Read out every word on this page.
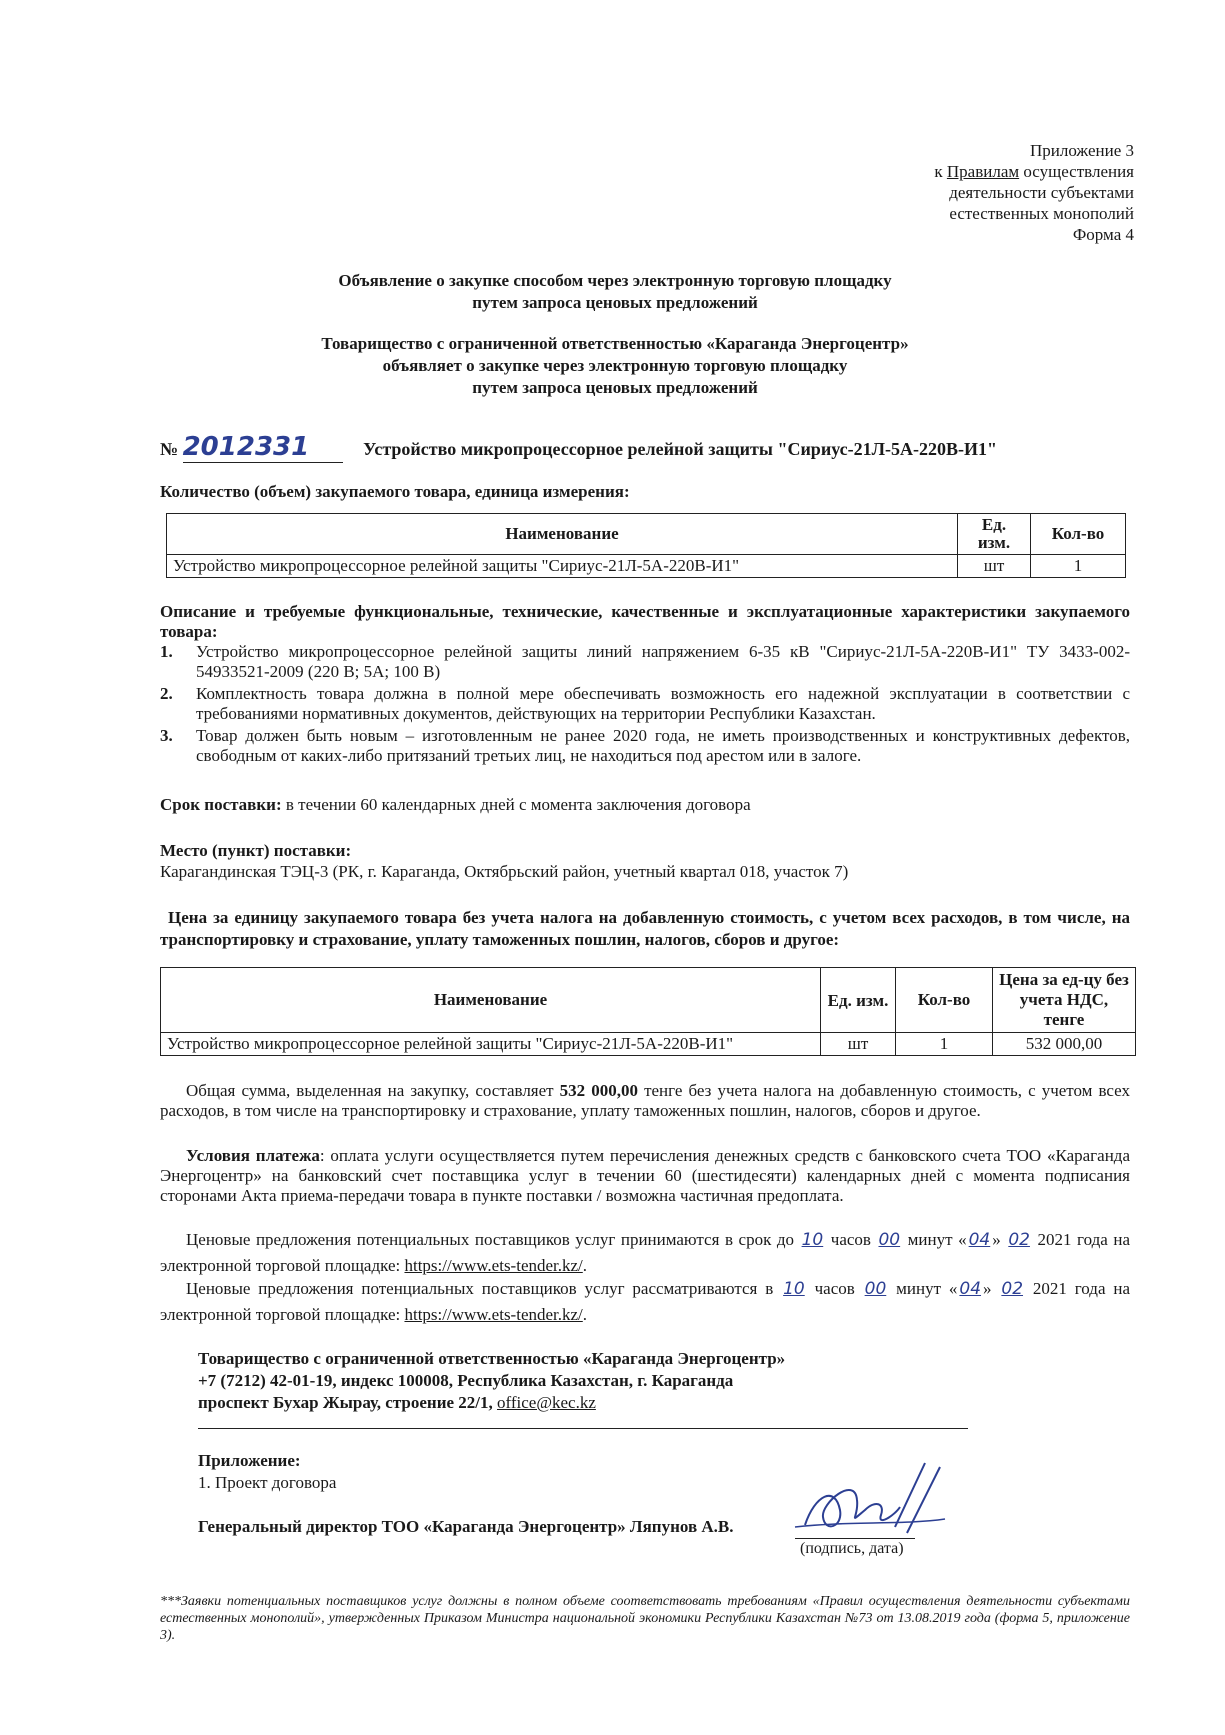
Приложение 3
к Правилам осуществления
деятельности субъектами
естественных монополий
Форма 4
Объявление о закупке способом через электронную торговую площадку
путем запроса ценовых предложений
Товарищество с ограниченной ответственностью «Караганда Энергоцентр»
объявляет о закупке через электронную торговую площадку
путем запроса ценовых предложений
№ 2012331	Устройство микропроцессорное релейной защиты "Сириус-21Л-5А-220В-И1"
Количество (объем) закупаемого товара, единица измерения:
Наименование	Ед. изм.	Кол-во
Устройство микропроцессорное релейной защиты "Сириус-21Л-5А-220В-И1"	шт	1
Описание и требуемые функциональные, технические, качественные и эксплуатационные характеристики закупаемого товара:
1. Устройство микропроцессорное релейной защиты линий напряжением 6-35 кВ "Сириус-21Л-5А-220В-И1" ТУ 3433-002-54933521-2009 (220 В; 5А; 100 В)
2. Комплектность товара должна в полной мере обеспечивать возможность его надежной эксплуатации в соответствии с требованиями нормативных документов, действующих на территории Республики Казахстан.
3. Товар должен быть новым – изготовленным не ранее 2020 года, не иметь производственных и конструктивных дефектов, свободным от каких-либо притязаний третьих лиц, не находиться под арестом или в залоге.
Срок поставки: в течении 60 календарных дней с момента заключения договора
Место (пункт) поставки:
Карагандинская ТЭЦ-3 (РК, г. Караганда, Октябрьский район, учетный квартал 018, участок 7)
Цена за единицу закупаемого товара без учета налога на добавленную стоимость, с учетом всех расходов, в том числе, на транспортировку и страхование, уплату таможенных пошлин, налогов, сборов и другое:
Наименование	Ед. изм.	Кол-во	Цена за ед-цу без учета НДС, тенге
Устройство микропроцессорное релейной защиты "Сириус-21Л-5А-220В-И1"	шт	1	532 000,00
Общая сумма, выделенная на закупку, составляет 532 000,00 тенге без учета налога на добавленную стоимость, с учетом всех расходов, в том числе на транспортировку и страхование, уплату таможенных пошлин, налогов, сборов и другое.
Условия платежа: оплата услуги осуществляется путем перечисления денежных средств с банковского счета ТОО «Караганда Энергоцентр» на банковский счет поставщика услуг в течении 60 (шестидесяти) календарных дней с момента подписания сторонами Акта приема-передачи товара в пункте поставки / возможна частичная предоплата.
Ценовые предложения потенциальных поставщиков услуг принимаются в срок до 10 часов 00 минут « 04 » 02 2021 года на электронной торговой площадке: https://www.ets-tender.kz/.
Ценовые предложения потенциальных поставщиков услуг рассматриваются в 10 часов 00 минут « 04 » 02 2021 года на электронной торговой площадке: https://www.ets-tender.kz/.
Товарищество с ограниченной ответственностью «Караганда Энергоцентр»
+7 (7212) 42-01-19, индекс 100008, Республика Казахстан, г. Караганда
проспект Бухар Жырау, строение 22/1, office@kec.kz
Приложение:
1. Проект договора
Генеральный директор ТОО «Караганда Энергоцентр» Ляпунов А.В.
(подпись, дата)
***Заявки потенциальных поставщиков услуг должны в полном объеме соответствовать требованиям «Правил осуществления деятельности субъектами естественных монополий», утвержденных Приказом Министра национальной экономики Республики Казахстан №73 от 13.08.2019 года (форма 5, приложение 3).
